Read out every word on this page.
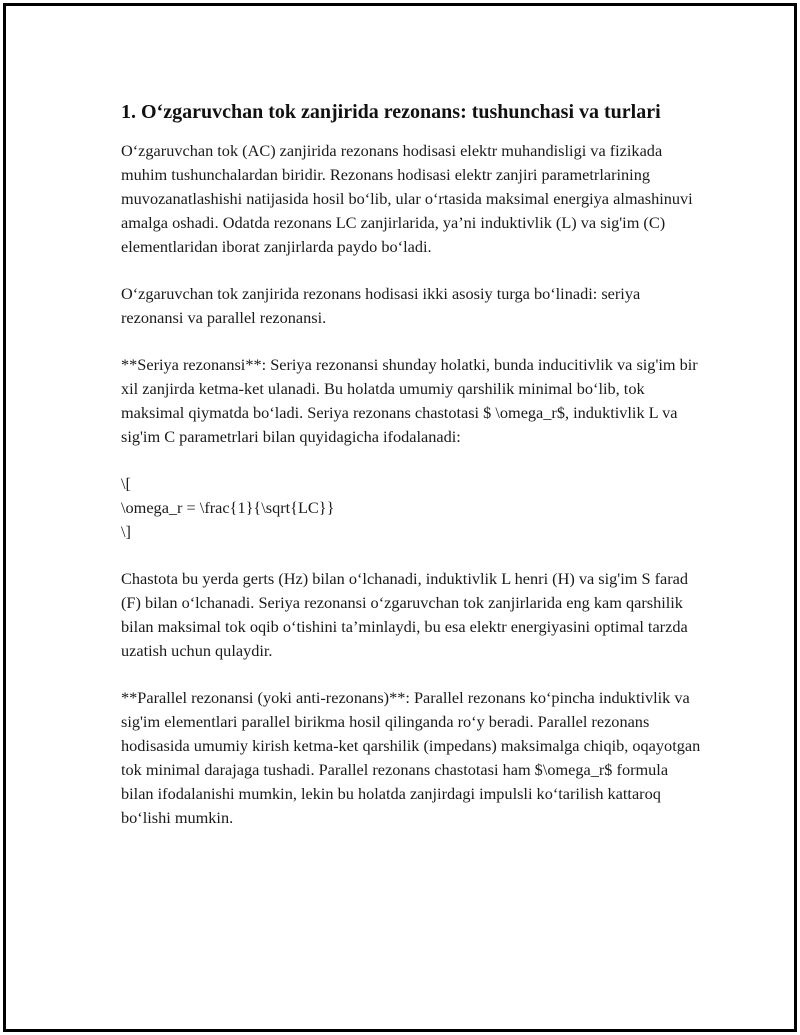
1. O‘zgaruvchan tok zanjirida rezonans: tushunchasi va turlari

O‘zgaruvchan tok (AC) zanjirida rezonans hodisasi elektr muhandisligi va fizikada muhim tushunchalardan biridir. Rezonans hodisasi elektr zanjiri parametrlarining muvozanatlashishi natijasida hosil bo‘lib, ular o‘rtasida maksimal energiya almashinuvi amalga oshadi. Odatda rezonans LC zanjirlarida, ya’ni induktivlik (L) va sig'im (C) elementlaridan iborat zanjirlarda paydo bo‘ladi.

O‘zgaruvchan tok zanjirida rezonans hodisasi ikki asosiy turga bo‘linadi: seriya rezonansi va parallel rezonansi.

**Seriya rezonansi**: Seriya rezonansi shunday holatki, bunda inducitivlik va sig'im bir xil zanjirda ketma-ket ulanadi. Bu holatda umumiy qarshilik minimal bo‘lib, tok maksimal qiymatda bo‘ladi. Seriya rezonans chastotasi $ \omega_r$, induktivlik L va sig'im C parametrlari bilan quyidagicha ifodalanadi:

\[
\omega_r = \frac{1}{\sqrt{LC}}
\]

Chastota bu yerda gerts (Hz) bilan o‘lchanadi, induktivlik L henri (H) va sig'im S farad (F) bilan o‘lchanadi. Seriya rezonansi o‘zgaruvchan tok zanjirlarida eng kam qarshilik bilan maksimal tok oqib o‘tishini ta’minlaydi, bu esa elektr energiyasini optimal tarzda uzatish uchun qulaydir.

**Parallel rezonansi (yoki anti-rezonans)**: Parallel rezonans ko‘pincha induktivlik va sig'im elementlari parallel birikma hosil qilinganda ro‘y beradi. Parallel rezonans hodisasida umumiy kirish ketma-ket qarshilik (impedans) maksimalga chiqib, oqayotgan tok minimal darajaga tushadi. Parallel rezonans chastotasi ham $\omega_r$ formula bilan ifodalanishi mumkin, lekin bu holatda zanjirdagi impulsli ko‘tarilish kattaroq bo‘lishi mumkin.
